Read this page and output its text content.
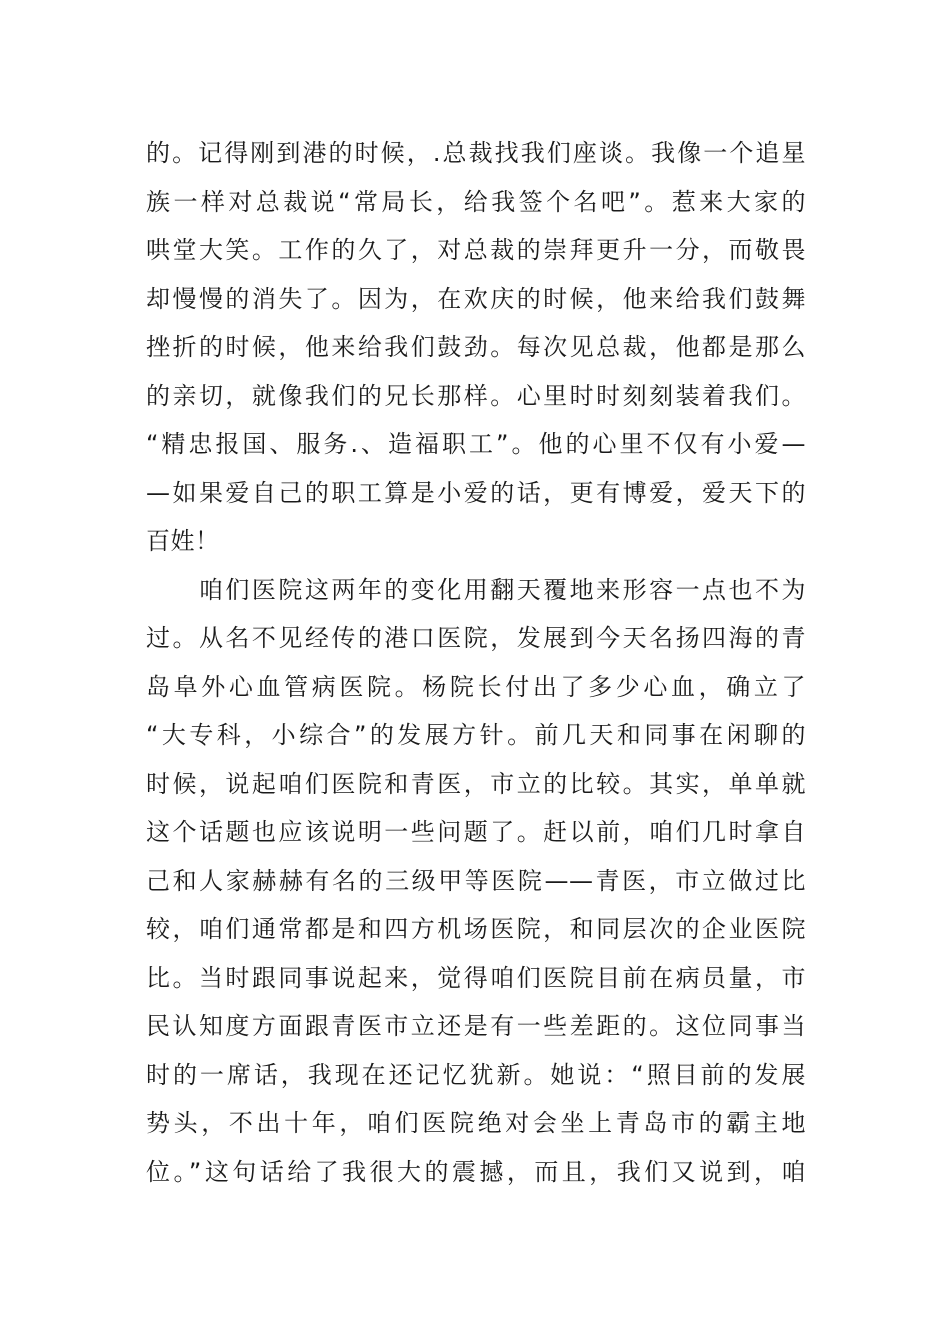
的。记得刚到港的时候，.总裁找我们座谈。我像一个追星
族一样对总裁说“常局长，给我签个名吧”。惹来大家的
哄堂大笑。工作的久了，对总裁的崇拜更升一分，而敬畏
却慢慢的消失了。因为，在欢庆的时候，他来给我们鼓舞
挫折的时候，他来给我们鼓劲。每次见总裁，他都是那么
的亲切，就像我们的兄长那样。心里时时刻刻装着我们。
“精忠报国、服务.、造福职工”。他的心里不仅有小爱—
—如果爱自己的职工算是小爱的话，更有博爱，爱天下的
百姓！
　　咱们医院这两年的变化用翻天覆地来形容一点也不为
过。从名不见经传的港口医院，发展到今天名扬四海的青
岛阜外心血管病医院。杨院长付出了多少心血，确立了
“大专科，小综合”的发展方针。前几天和同事在闲聊的
时候，说起咱们医院和青医，市立的比较。其实，单单就
这个话题也应该说明一些问题了。赶以前，咱们几时拿自
己和人家赫赫有名的三级甲等医院——青医，市立做过比
较，咱们通常都是和四方机场医院，和同层次的企业医院
比。当时跟同事说起来，觉得咱们医院目前在病员量，市
民认知度方面跟青医市立还是有一些差距的。这位同事当
时的一席话，我现在还记忆犹新。她说：“照目前的发展
势头，不出十年，咱们医院绝对会坐上青岛市的霸主地
位。”这句话给了我很大的震撼，而且，我们又说到，咱
